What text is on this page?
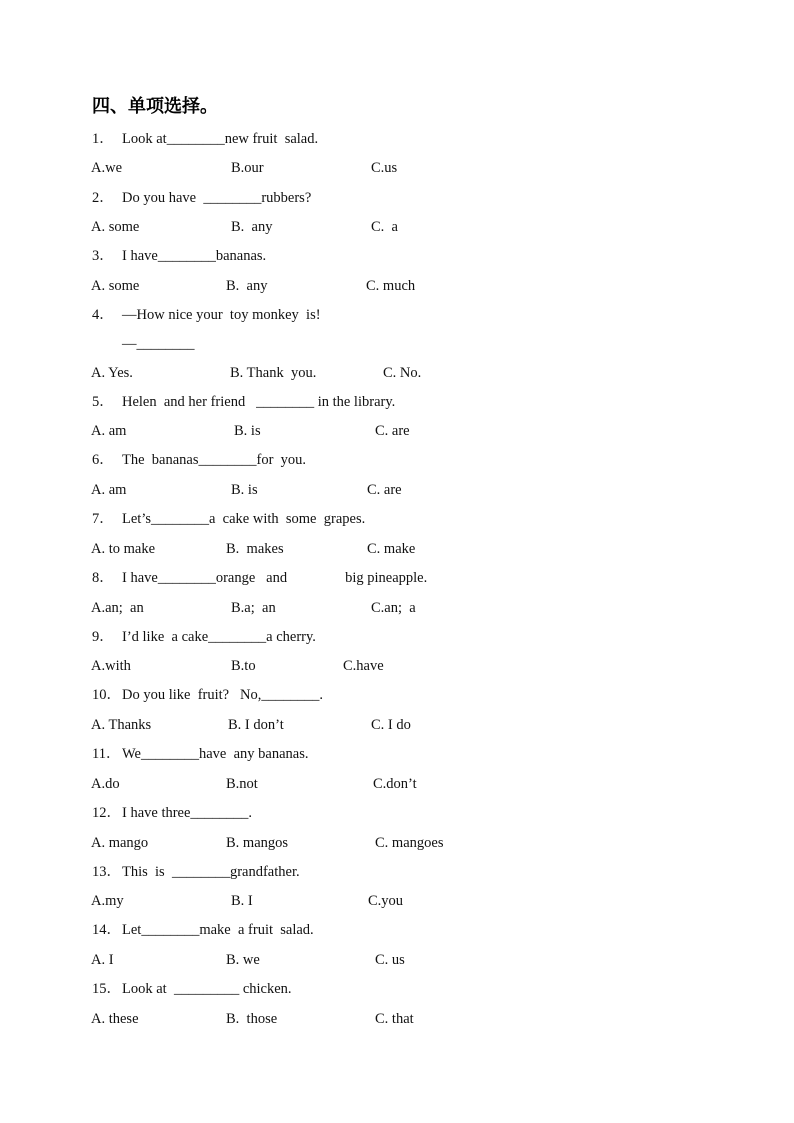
四、单项选择。
1． Look at________new fruit  salad.
A.we	B.our	C.us
2． Do you have  ________rubbers?
A. some	B.  any	C.  a
3． I have________bananas.
A. some	B.  any	C. much
4． —How nice your  toy monkey  is!
—________
A. Yes.	B. Thank  you.	C. No.
5． Helen  and her friend   ________ in the library.
A. am	B. is	C. are
6． The  bananas________for  you.
A. am	B. is	C. are
7． Let’s________a  cake with  some  grapes.
A. to make	B.  makes	C. make
8． I have________orange   and                big pineapple.
A.an;  an	B.a;  an	C.an;  a
9． I’d like  a cake________a cherry.
A.with	B.to	C.have
10． Do you like  fruit?   No,________.
A. Thanks	B. I don’t	C. I do
11． We________have  any bananas.
A.do	B.not	C.don’t
12． I have three________.
A. mango	B. mangos	C. mangoes
13． This  is  ________grandfather.
A.my	B. I	C.you
14． Let________make  a fruit  salad.
A. I	B. we	C. us
15． Look at  _________ chicken.
A. these	B.  those	C. that
